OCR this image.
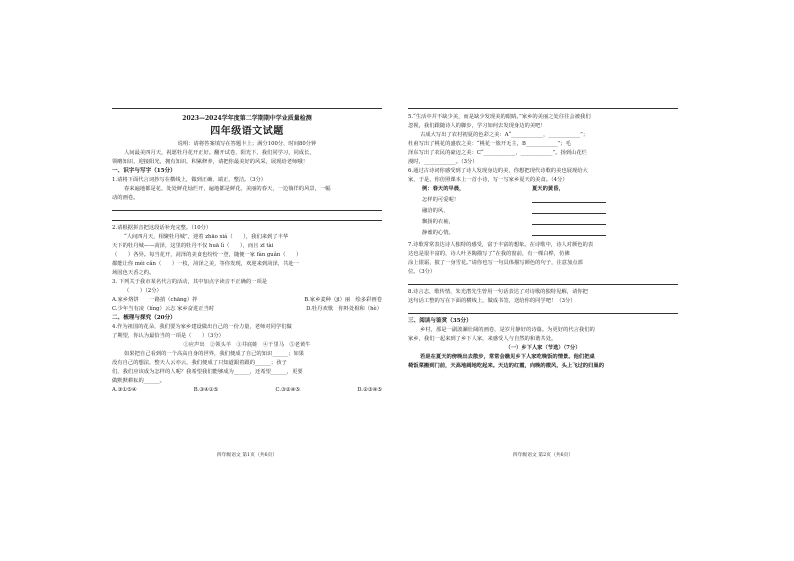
2023—2024学年度第二学期期中学业质量检测
四年级语文试题
说明：请将答案填写在答题卡上；满分100分，时间80分钟
人间最美四月天，祝愿牡丹花开正好。翻开试卷，阳光下，我们同学习，同成长，
领略知识，迎接阳光，拥有知识，积累修养，请把你最美好的风采，展现给老师哦！
一、识字与写字（15分）
1.请将下面代言词抄写在横线上，做到正确、端正、整洁。（3分）
春来遍地都是花，处处鲜花灿烂开，遍地都是鲜花，美丽的春天，一边徜徉的风景，一幅
动的画卷。
2.请根据拼音把这段话补充完整。（10分）
“人间四月天，相聚牡丹城”，迎着 zhāo xiá（　　），我们来到了丰华
天下的牡丹城——菏泽，这里的牡丹不仅 huā lì（　　），而且 zī tài
（　　）各异。每当花开，菏泽的美食也纷纷一登，随便一家 fàn guǎn（　　）
都能让你 méi cǎn（　　）一枚，菏泽之美，等你发现，欢迎来到菏泽，共赴一
场国色天香之约。
3. 下列关于我市某名代言的活动，其中加点字读音不正确的一项是
（　　）（2分）
A.家乡烙饼　　一路捎（chāng）拌	B.家乡麦种（jī）丽　绘多彩画卷
C.少年当有凌（líng）云志 家乡奋进正当时	D.牡丹欢歌　你料处相和（hè）
二、梳理与探究（20分）
4.作为祖国的花朵，我们要为家乡建设做出自己的一份力量，老师对同学们做
了期望，你认为最恰当的一项是（　　）（3分）
①应声出　②领头羊　③井底蛙　④千里马　⑤老黄牛
如果把自己看到的一个高高自身的世界，我们便成了自己的知识______；如果
没有自己的想法，整天人云亦云，我们便成了只知道跟着跟的______；孩子
们，我们应该成为怎样的人呢？我希望我们能够成为______，还希望______，更要
做默默耕耘的______。
A.③①⑤④	B.③④①⑤	C.③②④⑤	D.②③④⑤
四年级语文 第1页（共6页）
5.“生活中并不缺少美，而是缺少发现美的眼睛。”家乡的美丽之处往往会被我们
忽视，我们跟随诗人的脚步，学习如何去发现身边的美吧！
古成大写出了农村初夏的色彩之美：A“____________，____________”；
杜甫写出了桃花的盛放之美：“桃花一簇开无主，B____________”；毛
泽东写出了农民的豪迈之美：C“____________，____________”。扬到山花烂
漫时，____________。（3分）
6.通过古诗词你感受到了诗人发现身边的美，你想把现代诗歌的美也展现给大
家，于是，你仿照课本上一首小诗，写一写家乡夏天的美食。（4分）
例：春天的早晨，	夏天的黄昏，
怎样的可爱呢！
融洽的风，
飘扬的衣袖，
静谧的心情。
7.诗歌常常表达诗人独特的感受，富于丰富的想象。在诗歌中，诗人对颜色的表
达也是很丰富的，诗人叶圣陶描写了“在我的窗前，有一棵白桦，仿佛
涂上银霜，披了一身雪花。”请你也写一句具体描写颜色的句子，注意加点部
位。（3分）
8.诗言志，歌传情，朱光潜先生曾用一句话表达了对诗歌的独特见解，请你把
这句话工整的写在下面的横线上，做成书签，送给你的同学吧！（3分）
三、阅读与鉴赏（35分）
乡村，那是一副波澜壮阔的画卷，是岁月静好的诗篇。为更好的代言我们的
家乡，我们一起来到了乡下人家，来感受人与自然的和谐共处。
（一）乡下人家（节选）（7分）
若是在夏天的傍晚出去散步，常常会瞧见乡下人家吃晚饭的情景。他们把桌
椅饭菜搬到门前，天高地阔地吃起来。天边的红霞，向晚的微风，头上飞过的归巢的
四年级语文 第2页（共6页）
